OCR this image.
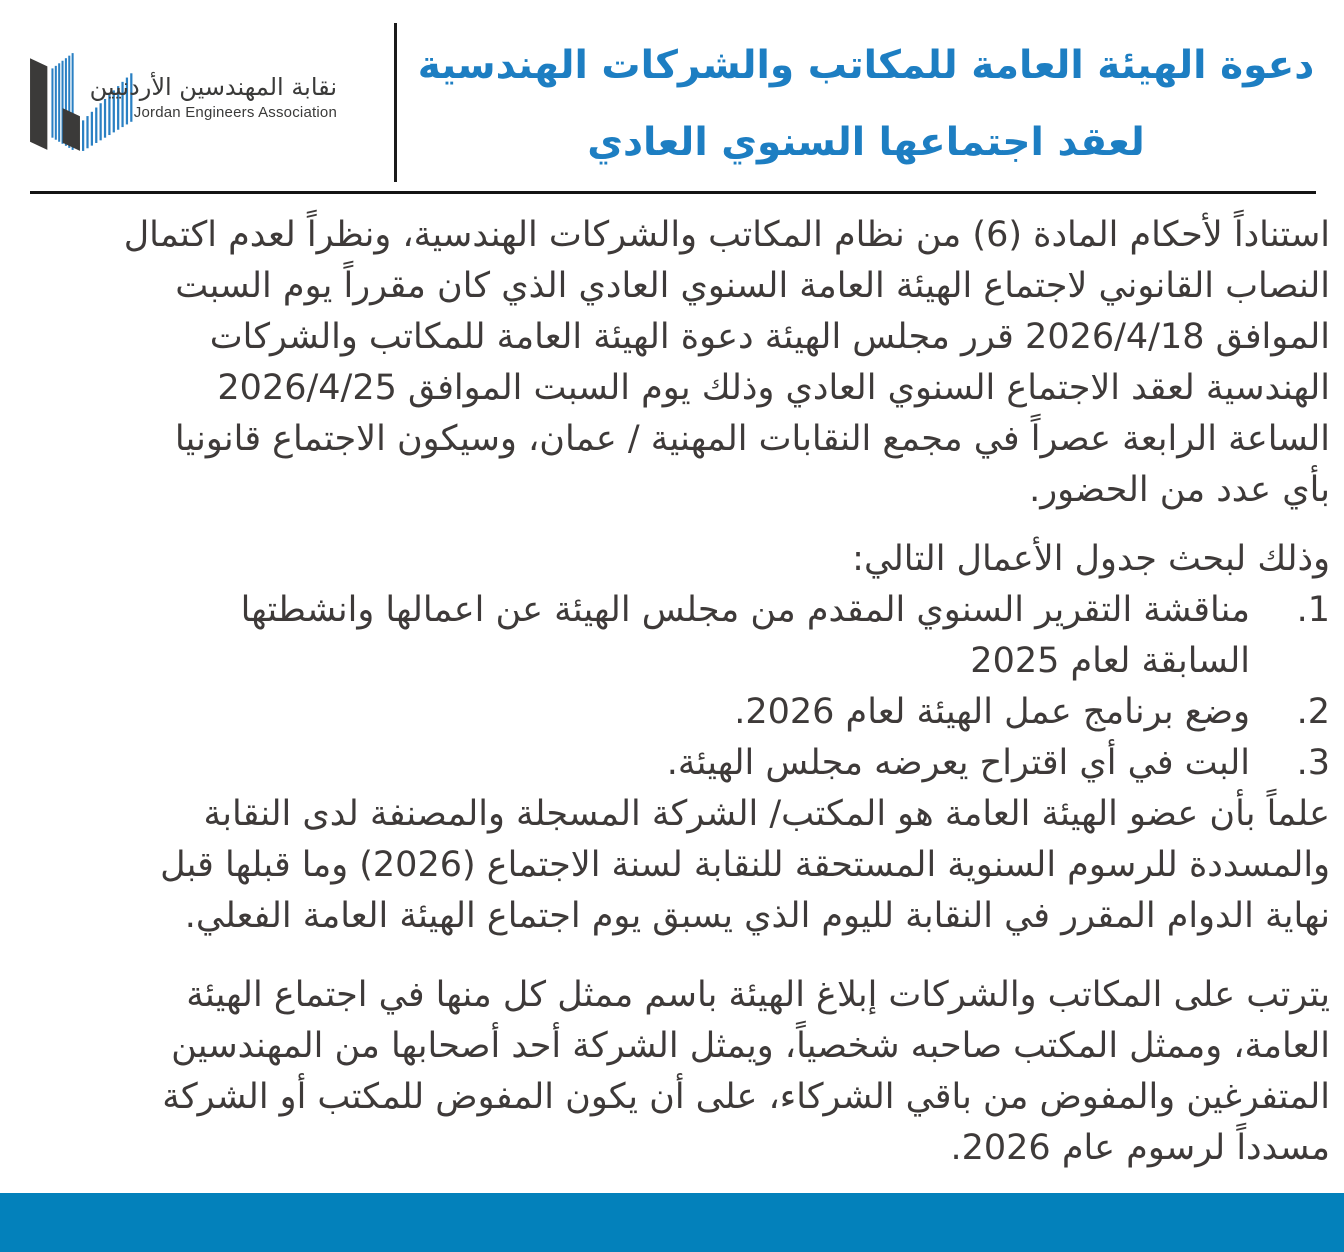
نقابة المهندسين الأردنيين
Jordan Engineers Association
دعوة الهيئة العامة للمكاتب والشركات الهندسية
لعقد اجتماعها السنوي العادي
استناداً لأحكام المادة (6) من نظام المكاتب والشركات الهندسية، ونظراً لعدم اكتمال
النصاب القانوني لاجتماع الهيئة العامة السنوي العادي الذي كان مقرراً يوم السبت
الموافق 2026/4/18 قرر مجلس الهيئة دعوة الهيئة العامة للمكاتب والشركات
الهندسية لعقد الاجتماع السنوي العادي وذلك يوم السبت الموافق 2026/4/25
الساعة الرابعة عصراً في مجمع النقابات المهنية / عمان، وسيكون الاجتماع قانونيا
بأي عدد من الحضور.
وذلك لبحث جدول الأعمال التالي:
1.
مناقشة التقرير السنوي المقدم من مجلس الهيئة عن اعمالها وانشطتها
السابقة لعام 2025
2.
وضع برنامج عمل الهيئة لعام 2026.
3.
البت في أي اقتراح يعرضه مجلس الهيئة.
علماً بأن عضو الهيئة العامة هو المكتب/ الشركة المسجلة والمصنفة لدى النقابة
والمسددة للرسوم السنوية المستحقة للنقابة لسنة الاجتماع (2026) وما قبلها قبل
نهاية الدوام المقرر في النقابة لليوم الذي يسبق يوم اجتماع الهيئة العامة الفعلي.
يترتب على المكاتب والشركات إبلاغ الهيئة باسم ممثل كل منها في اجتماع الهيئة
العامة، وممثل المكتب صاحبه شخصياً، ويمثل الشركة أحد أصحابها من المهندسين
المتفرغين والمفوض من باقي الشركاء، على أن يكون المفوض للمكتب أو الشركة
مسدداً لرسوم عام 2026.
